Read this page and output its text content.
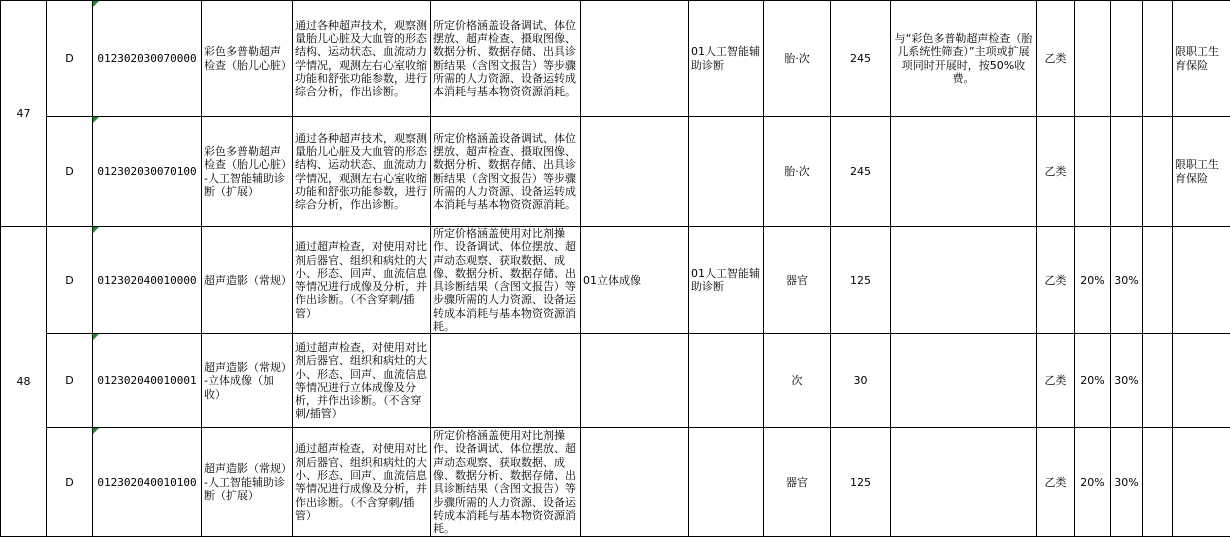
47	D	012302030070000	彩色多普勒超声检查（胎儿心脏）	通过各种超声技术，观察测量胎儿心脏及大血管的形态结构、运动状态、血流动力学情况，观测左右心室收缩功能和舒张功能参数，进行综合分析，作出诊断。	所定价格涵盖设备调试、体位摆放、超声检查、摄取图像、数据分析、数据存储、出具诊断结果（含图文报告）等步骤所需的人力资源、设备运转成本消耗与基本物资资源消耗。		01人工智能辅助诊断	胎·次	245	与“彩色多普勒超声检查（胎儿系统性筛查）”主项或扩展项同时开展时，按50%收费。	乙类				限职工生育保险
	D	012302030070100	彩色多普勒超声检查（胎儿心脏）-人工智能辅助诊断（扩展）	通过各种超声技术，观察测量胎儿心脏及大血管的形态结构、运动状态、血流动力学情况，观测左右心室收缩功能和舒张功能参数，进行综合分析，作出诊断。	所定价格涵盖设备调试、体位摆放、超声检查、摄取图像、数据分析、数据存储、出具诊断结果（含图文报告）等步骤所需的人力资源、设备运转成本消耗与基本物资资源消耗。			胎·次	245		乙类				限职工生育保险
48	D	012302040010000	超声造影（常规）	通过超声检查，对使用对比剂后器官、组织和病灶的大小、形态、回声、血流信息等情况进行成像及分析，并作出诊断。（不含穿刺/插管）	所定价格涵盖使用对比剂操作、设备调试、体位摆放、超声动态观察、获取数据、成像、数据分析、数据存储、出具诊断结果（含图文报告）等步骤所需的人力资源、设备运转成本消耗与基本物资资源消耗。	01立体成像	01人工智能辅助诊断	器官	125		乙类	20%	30%		
	D	012302040010001	超声造影（常规）-立体成像（加收）	通过超声检查，对使用对比剂后器官、组织和病灶的大小、形态、回声、血流信息等情况进行立体成像及分析，并作出诊断。（不含穿刺/插管）				次	30		乙类	20%	30%		
	D	012302040010100	超声造影（常规）-人工智能辅助诊断（扩展）	通过超声检查，对使用对比剂后器官、组织和病灶的大小、形态、回声、血流信息等情况进行成像及分析，并作出诊断。（不含穿刺/插管）	所定价格涵盖使用对比剂操作、设备调试、体位摆放、超声动态观察、获取数据、成像、数据分析、数据存储、出具诊断结果（含图文报告）等步骤所需的人力资源、设备运转成本消耗与基本物资资源消耗。			器官	125		乙类	20%	30%		
